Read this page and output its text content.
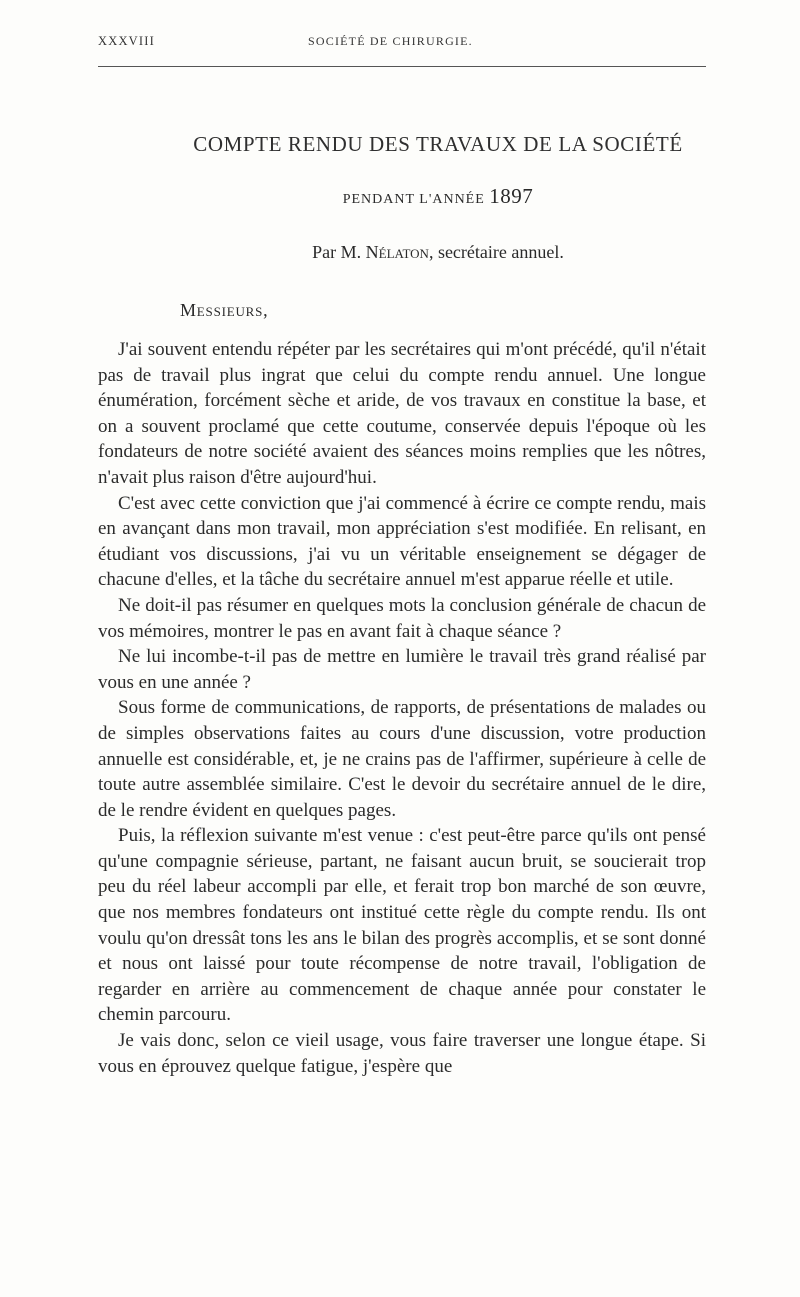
XXXVIII	SOCIÉTÉ DE CHIRURGIE.
COMPTE RENDU DES TRAVAUX DE LA SOCIÉTÉ
PENDANT L'ANNÉE 1897
Par M. Nélaton, secrétaire annuel.
Messieurs,

J'ai souvent entendu répéter par les secrétaires qui m'ont précédé, qu'il n'était pas de travail plus ingrat que celui du compte rendu annuel. Une longue énumération, forcément sèche et aride, de vos travaux en constitue la base, et on a souvent proclamé que cette coutume, conservée depuis l'époque où les fondateurs de notre société avaient des séances moins remplies que les nôtres, n'avait plus raison d'être aujourd'hui.

C'est avec cette conviction que j'ai commencé à écrire ce compte rendu, mais en avançant dans mon travail, mon appréciation s'est modifiée. En relisant, en étudiant vos discussions, j'ai vu un véritable enseignement se dégager de chacune d'elles, et la tâche du secrétaire annuel m'est apparue réelle et utile.

Ne doit-il pas résumer en quelques mots la conclusion générale de chacun de vos mémoires, montrer le pas en avant fait à chaque séance ?

Ne lui incombe-t-il pas de mettre en lumière le travail très grand réalisé par vous en une année ?

Sous forme de communications, de rapports, de présentations de malades ou de simples observations faites au cours d'une discussion, votre production annuelle est considérable, et, je ne crains pas de l'affirmer, supérieure à celle de toute autre assemblée similaire. C'est le devoir du secrétaire annuel de le dire, de le rendre évident en quelques pages.

Puis, la réflexion suivante m'est venue : c'est peut-être parce qu'ils ont pensé qu'une compagnie sérieuse, partant, ne faisant aucun bruit, se soucierait trop peu du réel labeur accompli par elle, et ferait trop bon marché de son œuvre, que nos membres fondateurs ont institué cette règle du compte rendu. Ils ont voulu qu'on dressât tons les ans le bilan des progrès accomplis, et se sont donné et nous ont laissé pour toute récompense de notre travail, l'obligation de regarder en arrière au commencement de chaque année pour constater le chemin parcouru.

Je vais donc, selon ce vieil usage, vous faire traverser une longue étape. Si vous en éprouvez quelque fatigue, j'espère que
